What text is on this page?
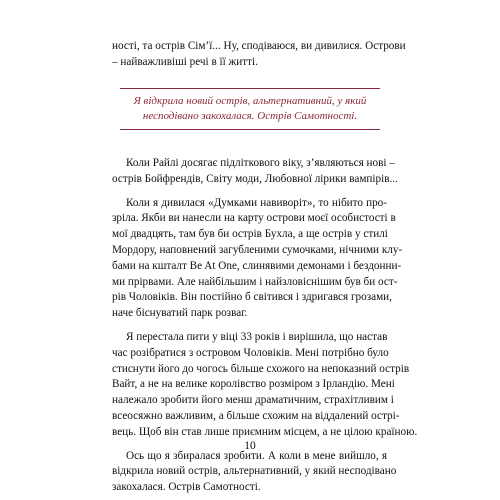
ності, та острів Сім’ї... Ну, сподіваюся, ви дивилися. Острови
– найважливіші речі в її житті.
Я відкрила новий острів, альтернативний, у який
несподівано закохалася. Острів Самотності.
Коли Райлі досягає підліткового віку, з’являються нові –
острів Бойфрендів, Світу моди, Любовної лірики вампірів...
Коли я дивилася «Думками навиворіт», то нібито про-
зріла. Якби ви нанесли на карту острови моєї особистості в
мої двадцять, там був би острів Бухла, а ще острів у стилі
Мордору, наповнений загубленими сумочками, нічними клу-
бами на кшталт Be At One, слинявими демонами і бездонни-
ми прірвами. Але найбільшим і найзловіснішим був би ост-
рів Чоловіків. Він постійно б світився і здригався грозами,
наче біснуватий парк розваг.
Я перестала пити у віці 33 років і вирішила, що настав
час розібратися з островом Чоловіків. Мені потрібно було
стиснути його до чогось більше схожого на непоказний острів
Вайт, а не на велике королівство розміром з Ірландію. Мені
належало зробити його менш драматичним, страхітливим і
всеосяжно важливим, а більше схожим на віддалений острі-
вець. Щоб він став лише приємним місцем, а не цілою країною.
Ось що я збиралася зробити. А коли в мене вийшло, я
відкрила новий острів, альтернативний, у який несподівано
закохалася. Острів Самотності.
10
